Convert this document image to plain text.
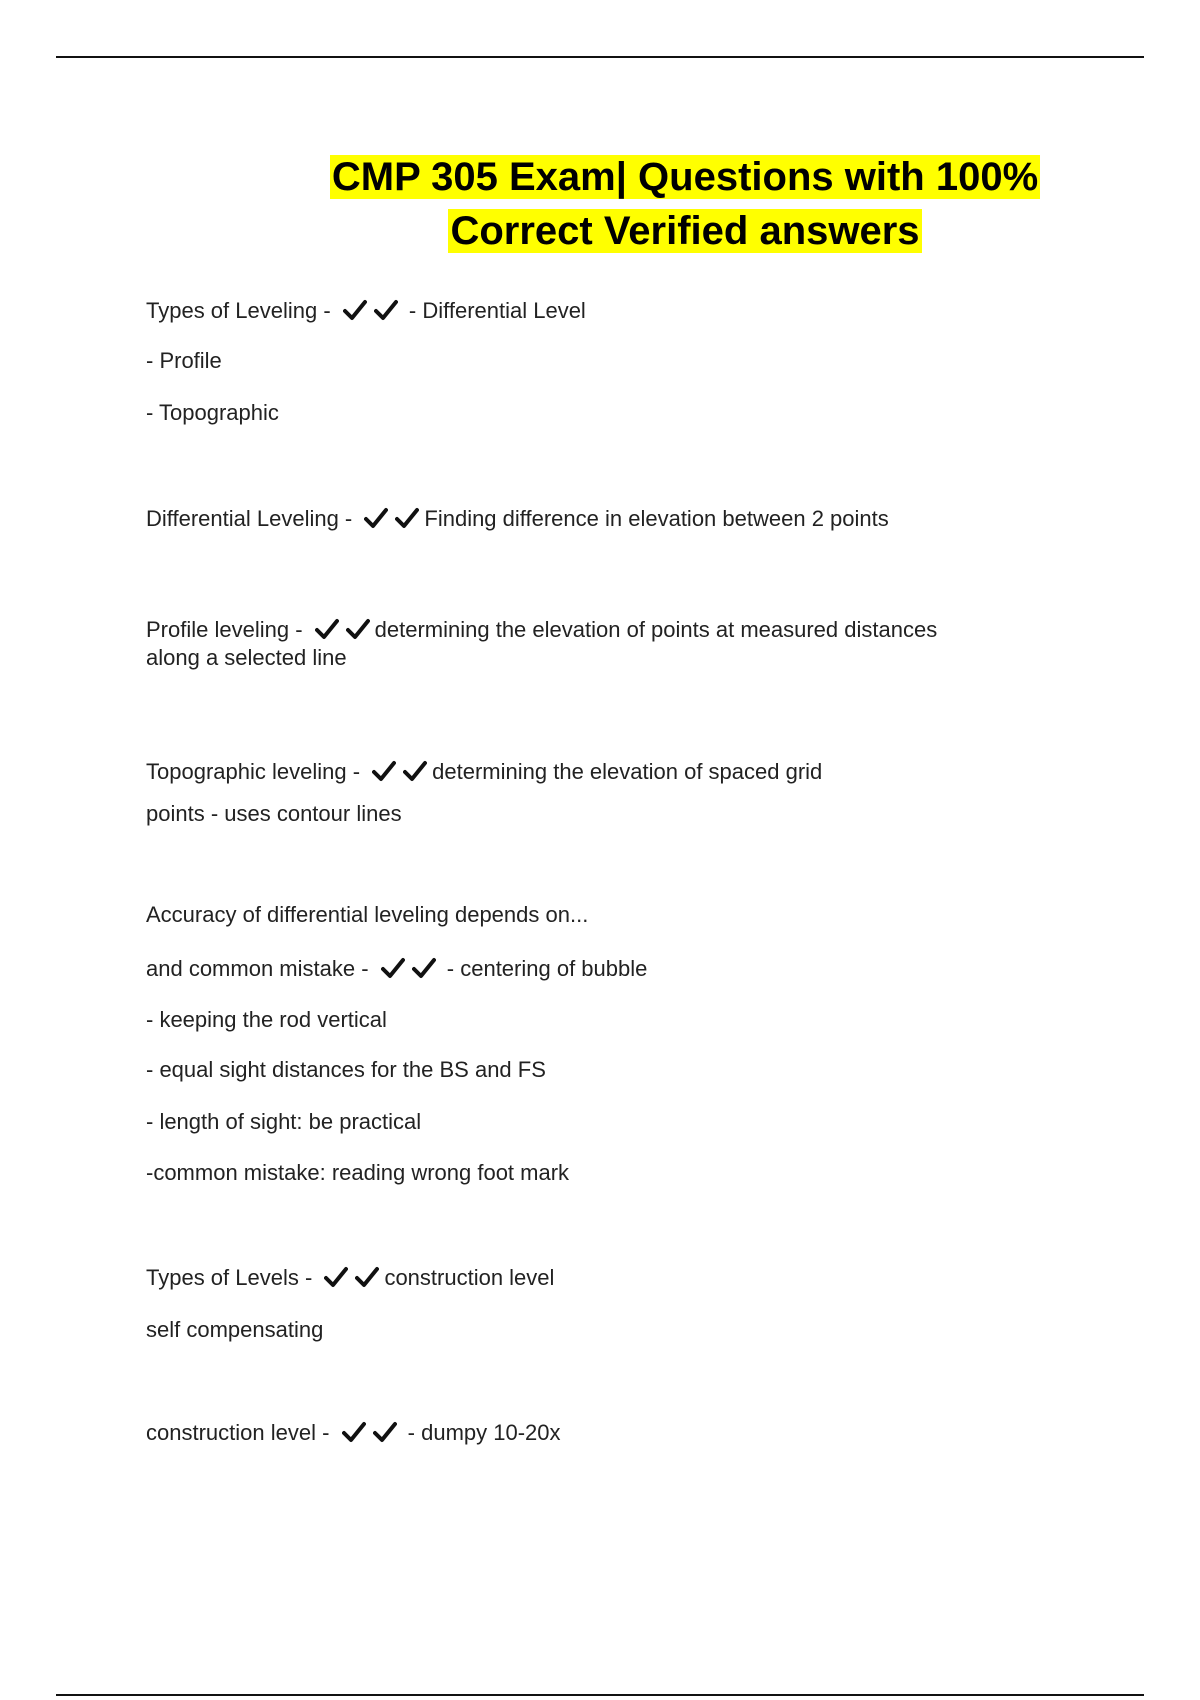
CMP 305 Exam| Questions with 100%
Correct Verified answers
Types of Leveling -	- Differential Level
- Profile
- Topographic
Differential Leveling -	Finding difference in elevation between 2 points
Profile leveling -	determining the elevation of points at measured distances
along a selected line
Topographic leveling -	determining the elevation of spaced grid
points - uses contour lines
Accuracy of differential leveling depends on...
and common mistake -	- centering of bubble
- keeping the rod vertical
- equal sight distances for the BS and FS
- length of sight: be practical
-common mistake: reading wrong foot mark
Types of Levels -	construction level
self compensating
construction level -	- dumpy 10-20x
